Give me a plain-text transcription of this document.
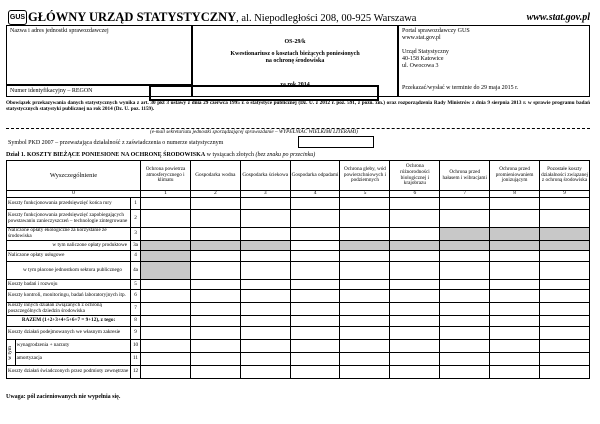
GUS GŁÓWNY URZĄD STATYSTYCZNY, al. Niepodległości 208, 00-925 Warszawa	www.stat.gov.pl
Nazwa i adres jednostki sprawozdawczej
Numer identyfikacyjny – REGON
OS-29/k
Kwestionariusz o kosztach bieżących poniesionych
na ochronę środowiska
za rok 2014
Portal sprawozdawczy GUS
www.stat.gov.pl
Urząd Statystyczny
40-158 Katowice
ul. Owocowa 3
Przekazać/wysłać w terminie do 29 maja 2015 r.
Obowiązek przekazywania danych statystycznych wynika z art. 30 pkt 3 ustawy z dnia 29 czerwca 1995 r. o statystyce publicznej (Dz. U. z 2012 r. poz. 591, z późn. zm.) oraz rozporządzenia Rady Ministrów z dnia 9 sierpnia 2013 r. w sprawie programu badań statystycznych statystyki publicznej na rok 2014 (Dz. U. poz. 1159).
(e-mail sekretariatu jednostki sporządzającej sprawozdanie – WYPEŁNIAĆ WIELKIMI LITERAMI)
Symbol PKD 2007 – przeważająca działalność z zaświadczenia o numerze statystycznym
Dział 1. KOSZTY BIEŻĄCE PONIESIONE NA OCHRONĘ ŚRODOWISKA w tysiącach złotych (bez znaku po przecinku)
Wyszczególnienie			Ochrona powietrza atmosferycznego i klimatu	Gospodarka wodna	Gospodarka ściekowa	Gospodarka odpadami	Ochrona gleby, wód powierzchniowych i podziemnych	Ochrona różnorodności biologicznej i krajobrazu	Ochrona przed hałasem i wibracjami	Ochrona przed promieniowaniem jonizującym	Pozostałe koszty działalności związanej z ochroną środowiska
0			1	2	3	4	5	6	7	8	9
Koszty funkcjonowania przedsięwzięć końca rury		1									
Koszty funkcjonowania przedsięwzięć zapobiegających powstawaniu zanieczyszczeń – technologie zintegrowane		2									
Naliczone opłaty ekologiczne za korzystanie ze środowiska		3									
w tym naliczone opłaty produktowe		3a									
Naliczone opłaty usługowe		4									
w tym płacone jednostkom sektora publicznego		4a									
Koszty badań i rozwoju		5									
Koszty kontroli, monitoringu, badań laboratoryjnych itp.		6									
Koszty innych działań związanych z ochroną poszczególnych dziedzin środowiska		7									
RAZEM (1+2+3+4+5+6+7 = 9+12), z tego:		8									
Koszty działań podejmowanych we własnym zakresie		9									

w tym	wynagrodzenia + narzuty	10									
	amortyzacja	11									
Koszty działań świadczonych przez podmioty zewnętrzne		12									
Uwaga: pól zacieniowanych nie wypełnia się.
